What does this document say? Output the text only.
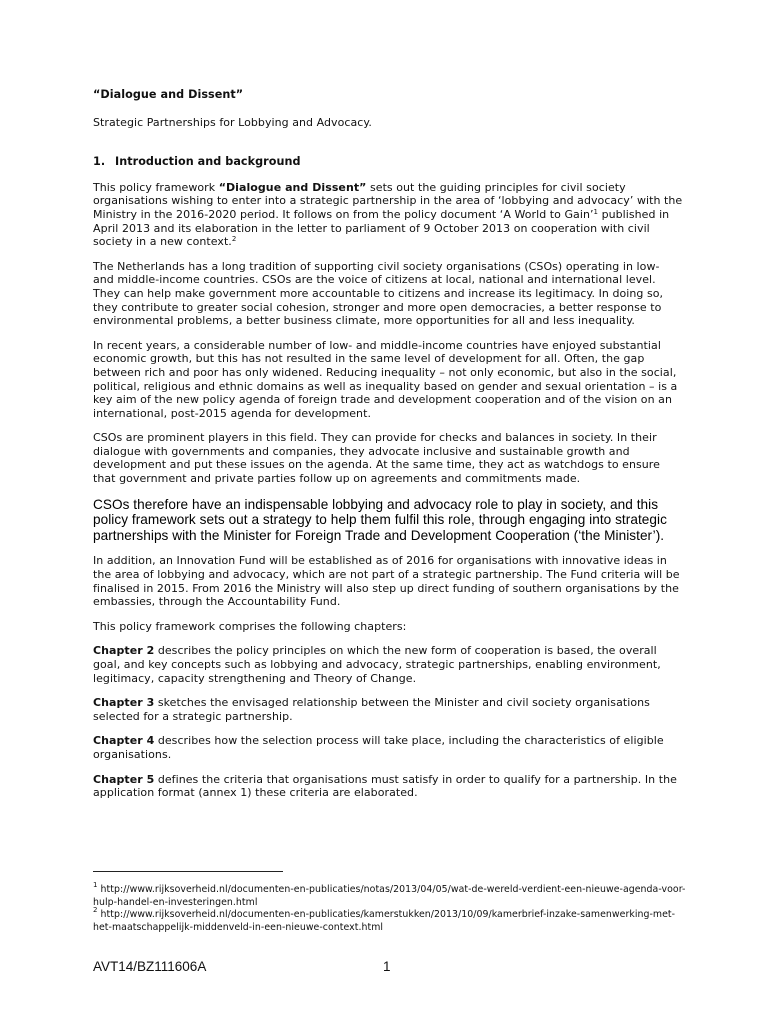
“Dialogue and Dissent”

Strategic Partnerships for Lobbying and Advocacy.

1. Introduction and background

This policy framework “Dialogue and Dissent” sets out the guiding principles for civil society organisations wishing to enter into a strategic partnership in the area of ‘lobbying and advocacy’ with the Ministry in the 2016-2020 period. It follows on from the policy document ‘A World to Gain’$^1$ published in April 2013 and its elaboration in the letter to parliament of 9 October 2013 on cooperation with civil society in a new context.$^2$

The Netherlands has a long tradition of supporting civil society organisations (CSOs) operating in low- and middle-income countries. CSOs are the voice of citizens at local, national and international level. They can help make government more accountable to citizens and increase its legitimacy. In doing so, they contribute to greater social cohesion, stronger and more open democracies, a better response to environmental problems, a better business climate, more opportunities for all and less inequality.

In recent years, a considerable number of low- and middle-income countries have enjoyed substantial economic growth, but this has not resulted in the same level of development for all. Often, the gap between rich and poor has only widened. Reducing inequality – not only economic, but also in the social, political, religious and ethnic domains as well as inequality based on gender and sexual orientation – is a key aim of the new policy agenda of foreign trade and development cooperation and of the vision on an international, post-2015 agenda for development.

CSOs are prominent players in this field. They can provide for checks and balances in society. In their dialogue with governments and companies, they advocate inclusive and sustainable growth and development and put these issues on the agenda. At the same time, they act as watchdogs to ensure that government and private parties follow up on agreements and commitments made.

CSOs therefore have an indispensable lobbying and advocacy role to play in society, and this policy framework sets out a strategy to help them fulfil this role, through engaging into strategic partnerships with the Minister for Foreign Trade and Development Cooperation (‘the Minister’).

In addition, an Innovation Fund will be established as of 2016 for organisations with innovative ideas in the area of lobbying and advocacy, which are not part of a strategic partnership. The Fund criteria will be finalised in 2015. From 2016 the Ministry will also step up direct funding of southern organisations by the embassies, through the Accountability Fund.

This policy framework comprises the following chapters:

Chapter 2 describes the policy principles on which the new form of cooperation is based, the overall goal, and key concepts such as lobbying and advocacy, strategic partnerships, enabling environment, legitimacy, capacity strengthening and Theory of Change.

Chapter 3 sketches the envisaged relationship between the Minister and civil society organisations selected for a strategic partnership.

Chapter 4 describes how the selection process will take place, including the characteristics of eligible organisations.

Chapter 5 defines the criteria that organisations must satisfy in order to qualify for a partnership. In the application format (annex 1) these criteria are elaborated.

$^1$ http://www.rijksoverheid.nl/documenten-en-publicaties/notas/2013/04/05/wat-de-wereld-verdient-een-nieuwe-agenda-voor-hulp-handel-en-investeringen.html

$^2$ http://www.rijksoverheid.nl/documenten-en-publicaties/kamerstukken/2013/10/09/kamerbrief-inzake-samenwerking-met-het-maatschappelijk-middenveld-in-een-nieuwe-context.html

AVT14/BZ111606A	1
